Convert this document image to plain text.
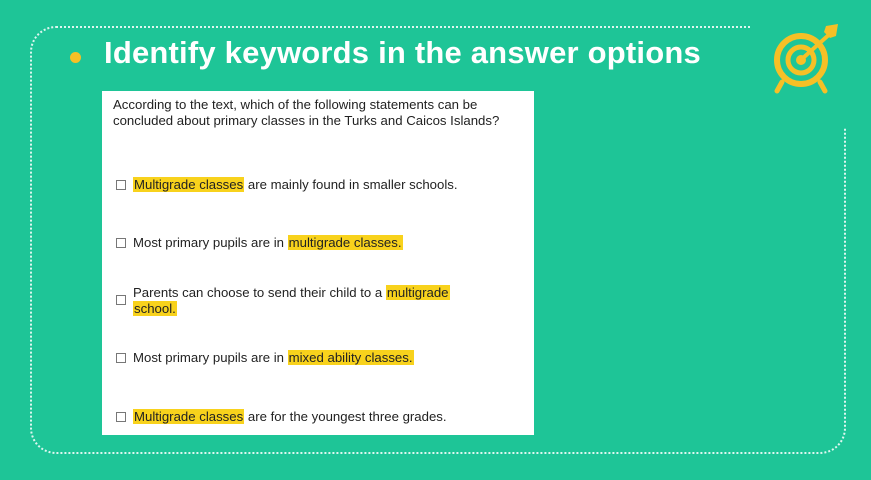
Identify keywords in the answer options
According to the text, which of the following statements can be
concluded about primary classes in the Turks and Caicos Islands?
Multigrade classes are mainly found in smaller schools.
Most primary pupils are in multigrade classes.
Parents can choose to send their child to a multigrade
school.
Most primary pupils are in mixed ability classes.
Multigrade classes are for the youngest three grades.
